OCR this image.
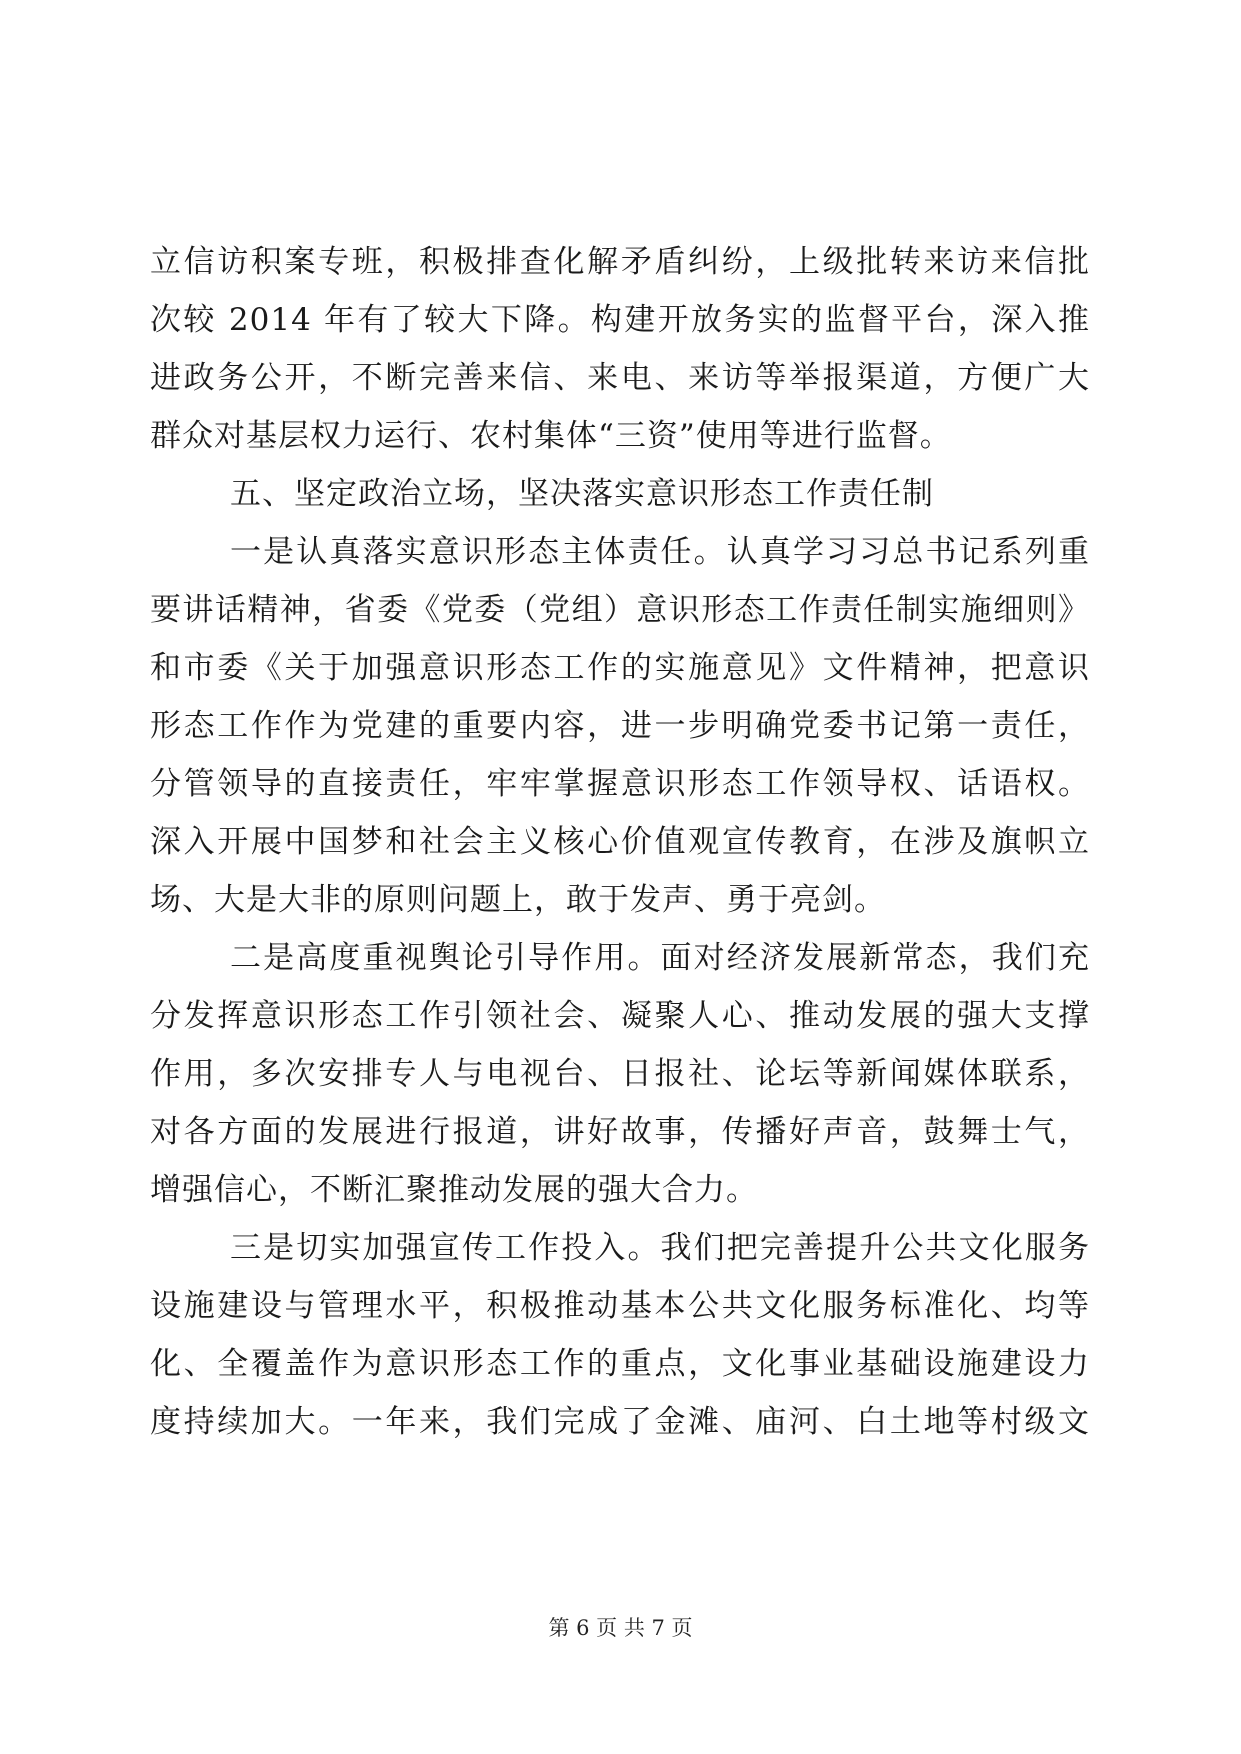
立信访积案专班，积极排查化解矛盾纠纷，上级批转来访来信批
次较 2014 年有了较大下降。构建开放务实的监督平台，深入推
进政务公开，不断完善来信、来电、来访等举报渠道，方便广大
群众对基层权力运行、农村集体“三资”使用等进行监督。
五、坚定政治立场，坚决落实意识形态工作责任制
一是认真落实意识形态主体责任。认真学习习总书记系列重
要讲话精神，省委《党委（党组）意识形态工作责任制实施细则》
和市委《关于加强意识形态工作的实施意见》文件精神，把意识
形态工作作为党建的重要内容，进一步明确党委书记第一责任，
分管领导的直接责任，牢牢掌握意识形态工作领导权、话语权。
深入开展中国梦和社会主义核心价值观宣传教育，在涉及旗帜立
场、大是大非的原则问题上，敢于发声、勇于亮剑。
二是高度重视舆论引导作用。面对经济发展新常态，我们充
分发挥意识形态工作引领社会、凝聚人心、推动发展的强大支撑
作用，多次安排专人与电视台、日报社、论坛等新闻媒体联系，
对各方面的发展进行报道，讲好故事，传播好声音，鼓舞士气，
增强信心，不断汇聚推动发展的强大合力。
三是切实加强宣传工作投入。我们把完善提升公共文化服务
设施建设与管理水平，积极推动基本公共文化服务标准化、均等
化、全覆盖作为意识形态工作的重点，文化事业基础设施建设力
度持续加大。一年来，我们完成了金滩、庙河、白土地等村级文
第 6 页 共 7 页
